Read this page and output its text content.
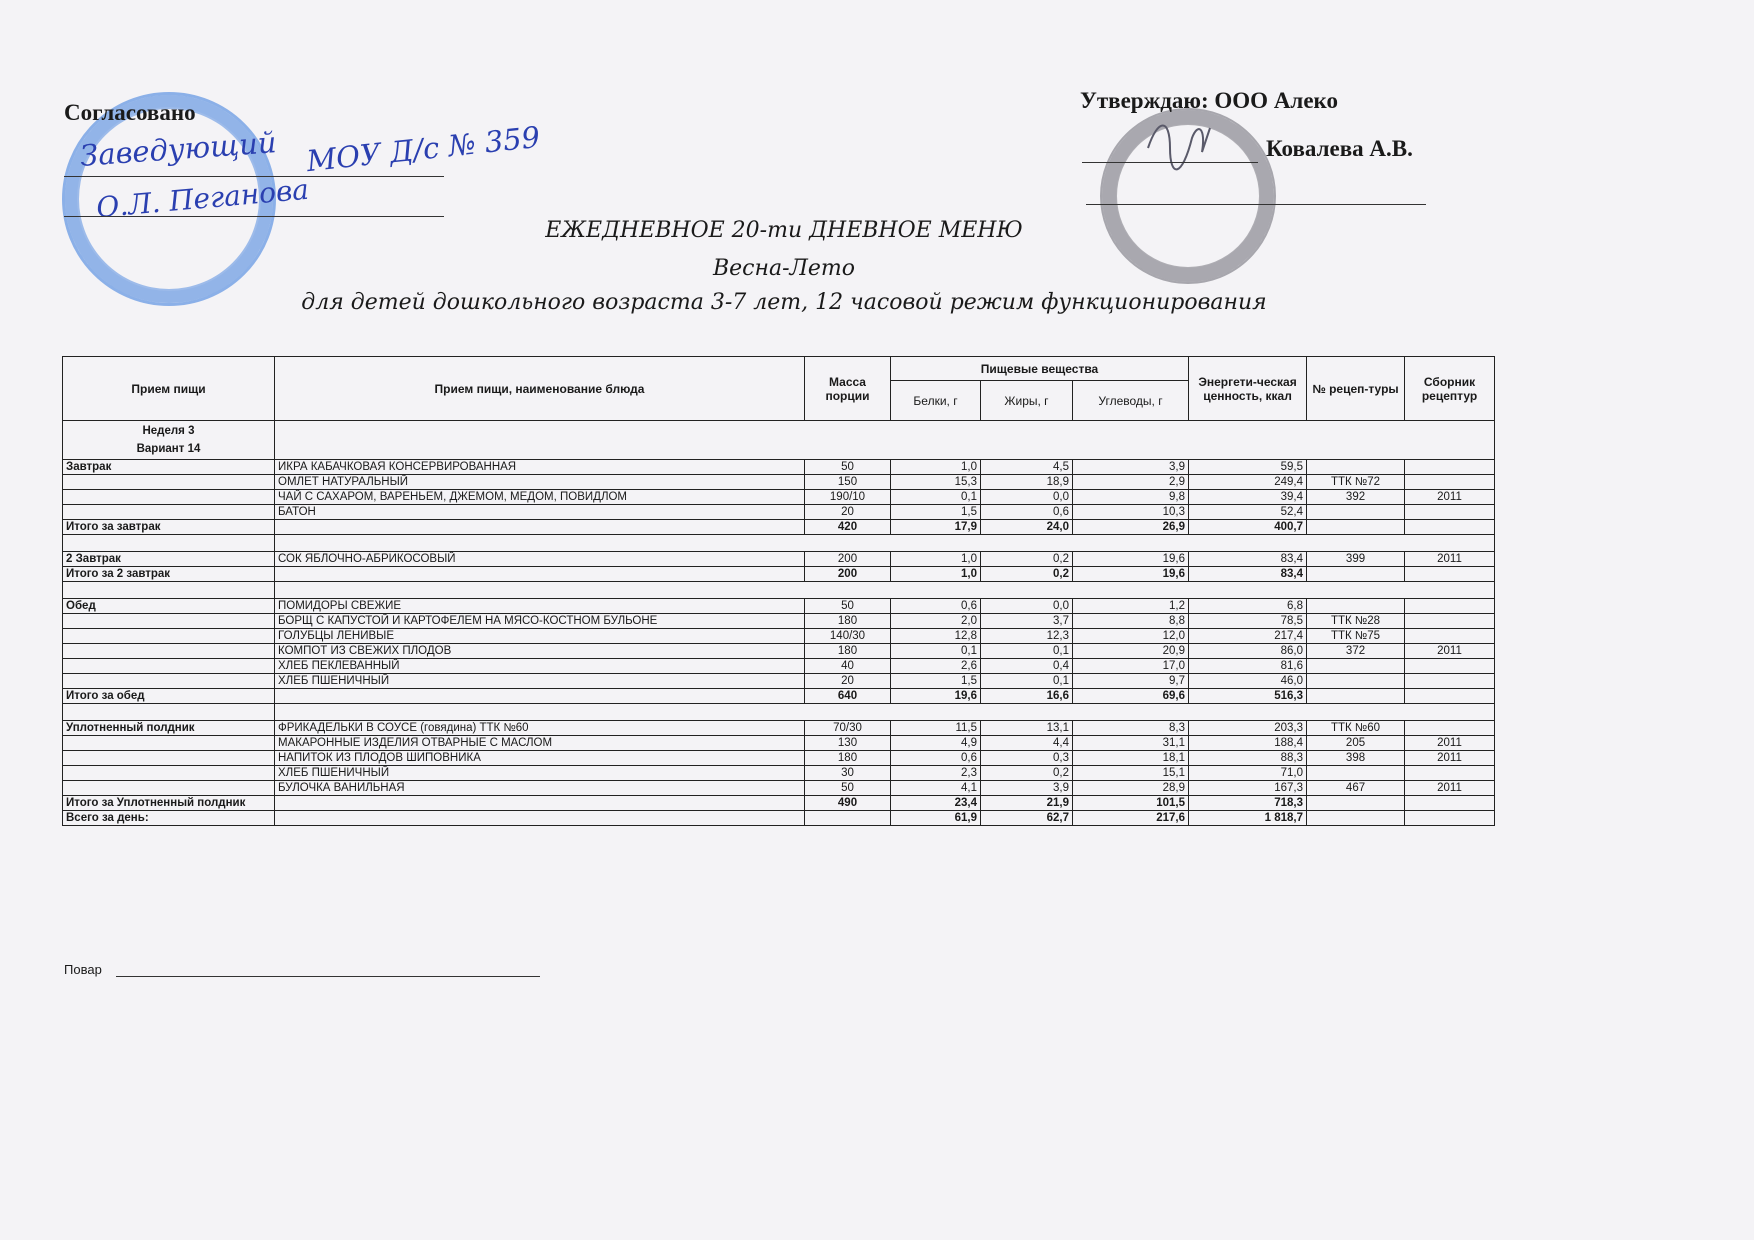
Согласовано
Заведующий МОУ Д/с № 359
О.Л. Пеганова
Утверждаю: ООО Алеко
Ковалева А.В.
ЕЖЕДНЕВНОЕ 20-ти ДНЕВНОЕ МЕНЮ
Весна-Лето
для детей дошкольного возраста 3-7 лет, 12 часовой режим функционирования
Прием пищи	Прием пищи, наименование блюда	Масса порции	Пищевые вещества			Энергети-ческая ценность, ккал	№ рецеп-туры	Сборник рецептур
			Белки, г	Жиры, г	Углеводы, г			

Неделя 3
Вариант 14								

Завтрак	ИКРА КАБАЧКОВАЯ КОНСЕРВИРОВАННАЯ	50	1,0	4,5	3,9	59,5		
	ОМЛЕТ НАТУРАЛЬНЫЙ	150	15,3	18,9	2,9	249,4	ТТК №72	
	ЧАЙ С САХАРОМ, ВАРЕНЬЕМ, ДЖЕМОМ, МЕДОМ, ПОВИДЛОМ	190/10	0,1	0,0	9,8	39,4	392	2011
	БАТОН	20	1,5	0,6	10,3	52,4		
Итого за завтрак		420	17,9	24,0	26,9	400,7		

2 Завтрак	СОК ЯБЛОЧНО-АБРИКОСОВЫЙ	200	1,0	0,2	19,6	83,4	399	2011
Итого за 2 завтрак		200	1,0	0,2	19,6	83,4		

Обед	ПОМИДОРЫ СВЕЖИЕ	50	0,6	0,0	1,2	6,8		
	БОРЩ С КАПУСТОЙ И КАРТОФЕЛЕМ НА МЯСО-КОСТНОМ БУЛЬОНЕ	180	2,0	3,7	8,8	78,5	ТТК №28	
	ГОЛУБЦЫ ЛЕНИВЫЕ	140/30	12,8	12,3	12,0	217,4	ТТК №75	
	КОМПОТ ИЗ СВЕЖИХ ПЛОДОВ	180	0,1	0,1	20,9	86,0	372	2011
	ХЛЕБ ПЕКЛЕВАННЫЙ	40	2,6	0,4	17,0	81,6		
	ХЛЕБ ПШЕНИЧНЫЙ	20	1,5	0,1	9,7	46,0		
Итого за обед		640	19,6	16,6	69,6	516,3		

Уплотненный полдник	ФРИКАДЕЛЬКИ В СОУСЕ (говядина) ТТК №60	70/30	11,5	13,1	8,3	203,3	ТТК №60	
	МАКАРОННЫЕ ИЗДЕЛИЯ ОТВАРНЫЕ С МАСЛОМ	130	4,9	4,4	31,1	188,4	205	2011
	НАПИТОК ИЗ ПЛОДОВ ШИПОВНИКА	180	0,6	0,3	18,1	88,3	398	2011
	ХЛЕБ ПШЕНИЧНЫЙ	30	2,3	0,2	15,1	71,0		
	БУЛОЧКА ВАНИЛЬНАЯ	50	4,1	3,9	28,9	167,3	467	2011
Итого за Уплотненный полдник		490	23,4	21,9	101,5	718,3		
Всего за день:			61,9	62,7	217,6	1 818,7		
Повар
